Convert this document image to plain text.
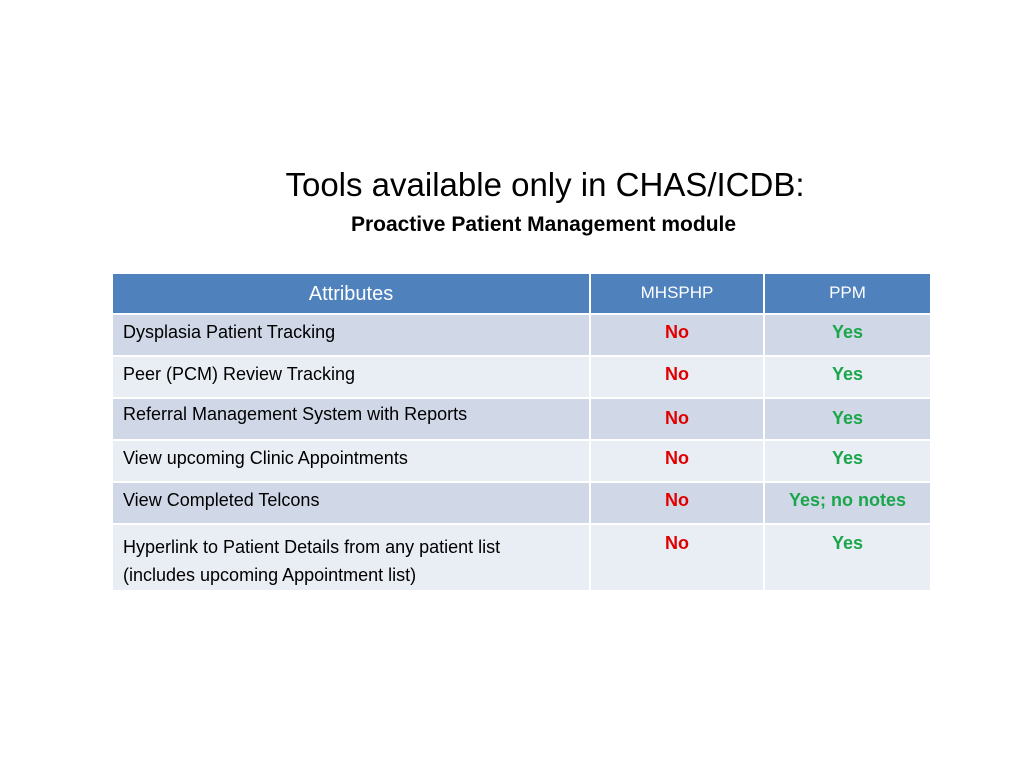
Tools available only in CHAS/ICDB:
Proactive Patient Management module
Attributes	MHSPHP	PPM
Dysplasia Patient Tracking	No	Yes
Peer (PCM) Review Tracking	No	Yes
Referral Management System with Reports	No	Yes
View upcoming Clinic Appointments	No	Yes
View Completed Telcons	No	Yes; no notes

Hyperlink to Patient Details from any patient list
(includes upcoming Appointment list)	No	Yes
